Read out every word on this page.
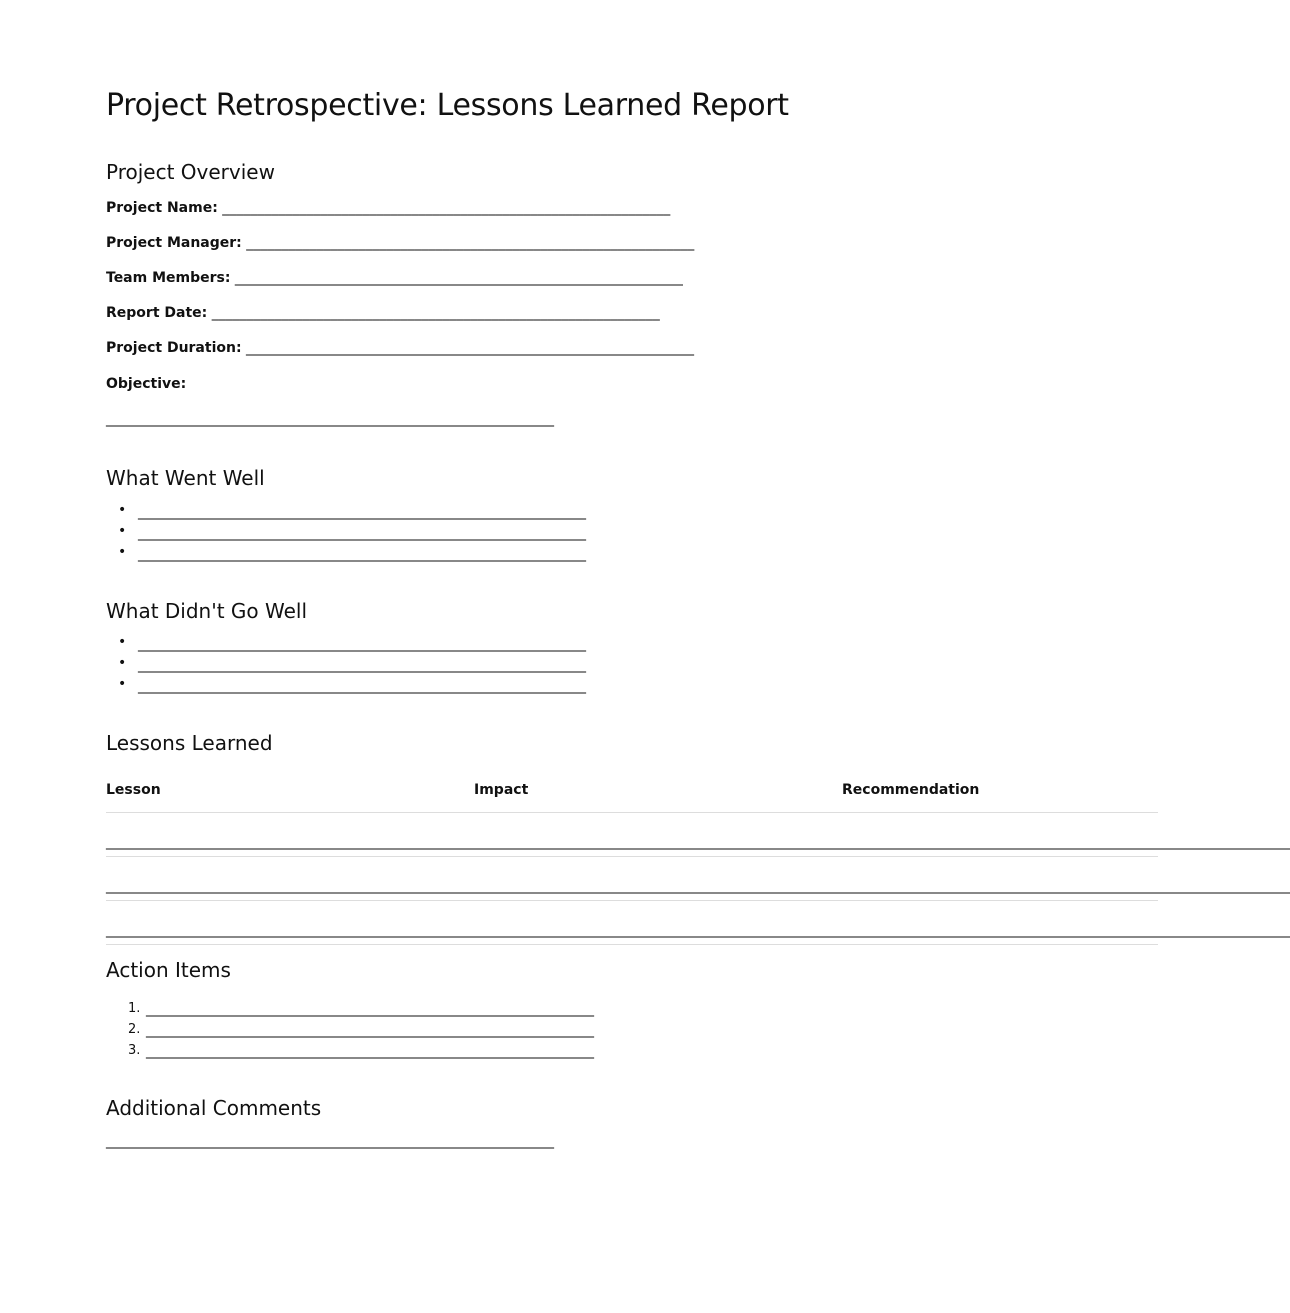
Project Retrospective: Lessons Learned Report
Project Overview
Project Name: ________________________________________________________________
Project Manager: ________________________________________________________________
Team Members: ________________________________________________________________
Report Date: ________________________________________________________________
Project Duration: ________________________________________________________________
Objective:
________________________________________________________________
What Went Well
• ________________________________________________________________
• ________________________________________________________________
• ________________________________________________________________
What Didn't Go Well
• ________________________________________________________________
• ________________________________________________________________
• ________________________________________________________________
Lessons Learned
Lesson	Impact	Recommendation
________________________________________________________________	________________________________________________________________	________________________________________________________________
________________________________________________________________	________________________________________________________________	________________________________________________________________
________________________________________________________________	________________________________________________________________	________________________________________________________________
Action Items
1. ________________________________________________________________
2. ________________________________________________________________
3. ________________________________________________________________
Additional Comments
________________________________________________________________
